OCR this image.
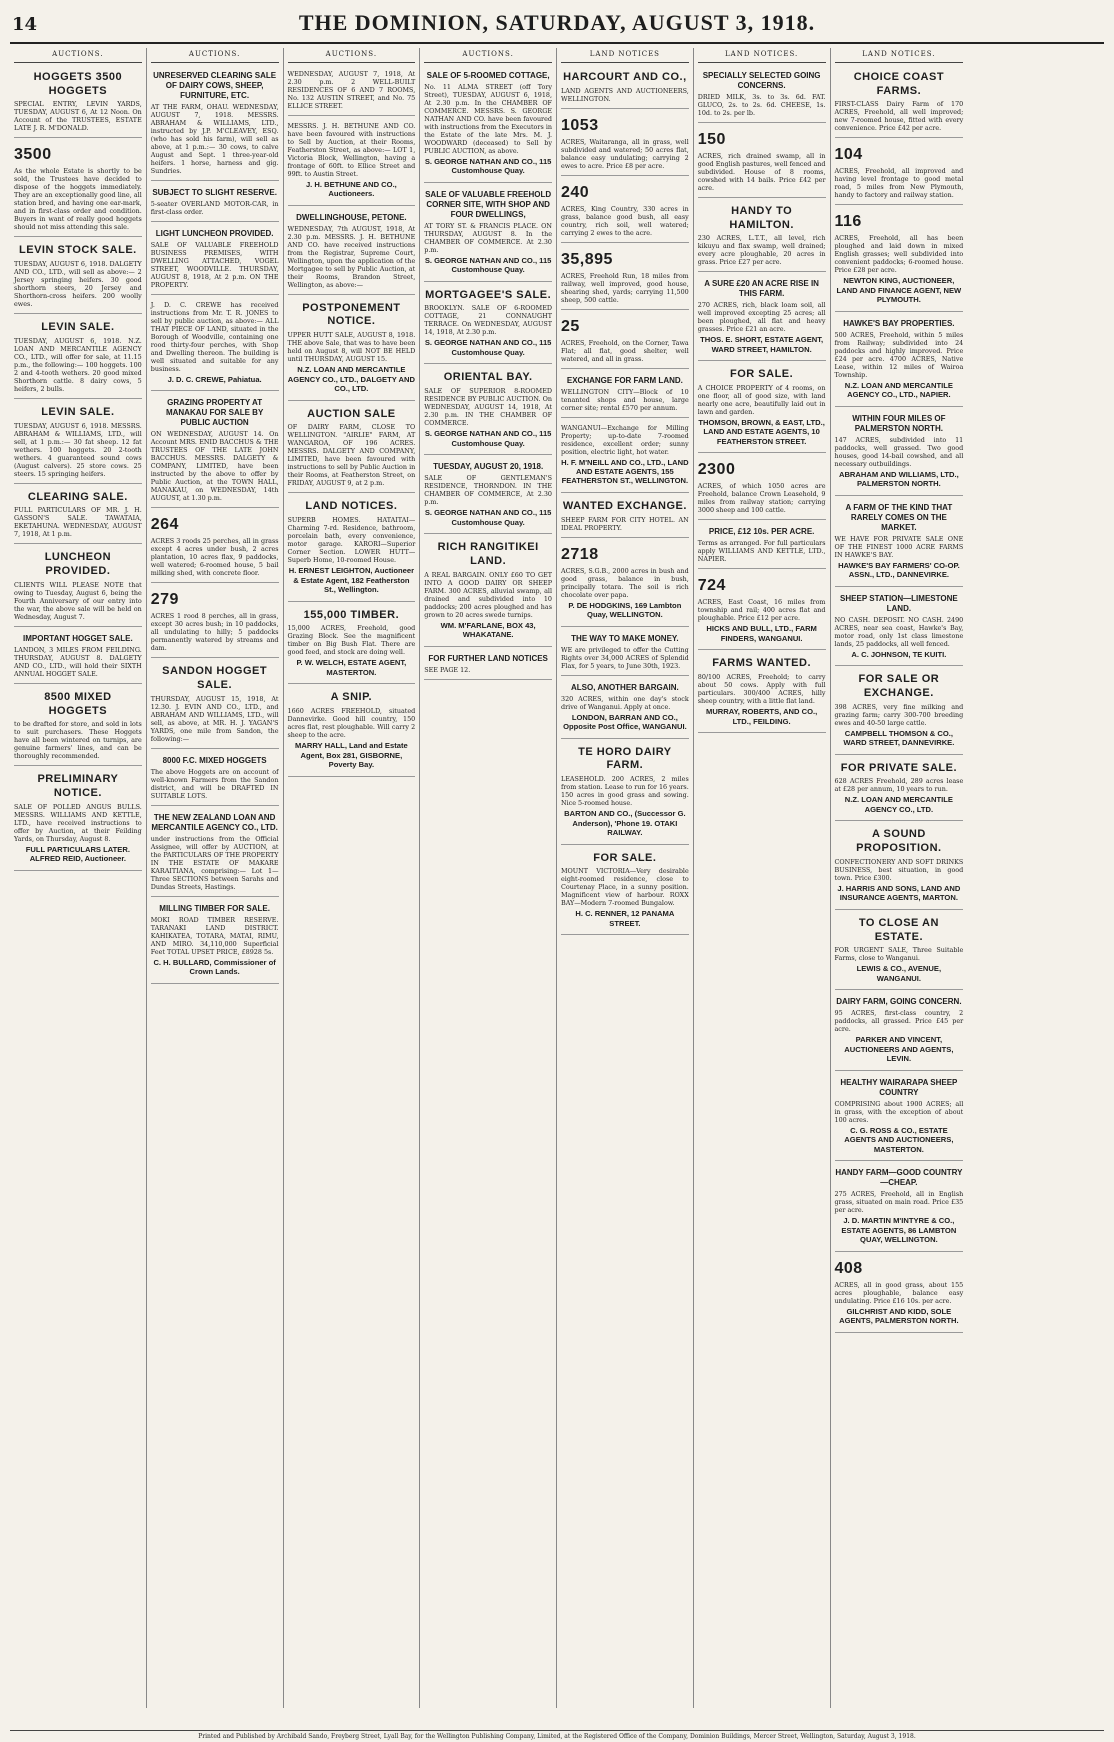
14	THE DOMINION, SATURDAY, AUGUST 3, 1918.
AUCTIONS.
HOGGETS 3500 HOGGETS
SPECIAL ENTRY, LEVIN YARDS, TUESDAY, AUGUST 6, At 12 Noon. On Account of the TRUSTEES, ESTATE LATE J. R. M'DONALD.
3500
As the whole Estate is shortly to be sold, the Trustees have decided to dispose of the hoggets immediately. They are an exceptionally good line, all station bred, and having one ear-mark, and in first-class order and condition. Buyers in want of really good hoggets should not miss attending this sale.
LEVIN STOCK SALE.
TUESDAY, AUGUST 6, 1918. DALGETY AND CO., LTD., will sell as above:— 2 Jersey springing heifers. 30 good shorthorn steers, 20 Jersey and Shorthorn-cross heifers. 200 woolly ewes.
LEVIN SALE.
TUESDAY, AUGUST 6, 1918. N.Z. LOAN AND MERCANTILE AGENCY CO., LTD., will offer for sale, at 11.15 p.m., the following:— 100 hoggets. 100 2 and 4-tooth wethers. 20 good mixed Shorthorn cattle. 8 dairy cows, 5 heifers, 2 bulls.
LEVIN SALE.
TUESDAY, AUGUST 6, 1918. MESSRS. ABRAHAM & WILLIAMS, LTD., will sell, at 1 p.m.:— 30 fat sheep. 12 fat wethers. 100 hoggets. 20 2-tooth wethers. 4 guaranteed sound cows (August calvers). 25 store cows. 25 steers. 15 springing heifers.
CLEARING SALE.
FULL PARTICULARS OF MR. J. H. GASSON'S SALE. TAWATAIA, EKETAHUNA. WEDNESDAY, AUGUST 7, 1918, At 1 p.m.
LUNCHEON PROVIDED.
CLIENTS WILL PLEASE NOTE that owing to Tuesday, August 6, being the Fourth Anniversary of our entry into the war, the above sale will be held on Wednesday, August 7.
IMPORTANT HOGGET SALE.
LANDON, 3 MILES FROM FEILDING. THURSDAY, AUGUST 8. DALGETY AND CO., LTD., will hold their SIXTH ANNUAL HOGGET SALE.
8500 MIXED HOGGETS
to be drafted for store, and sold in lots to suit purchasers. These Hoggets have all been wintered on turnips, are genuine farmers' lines, and can be thoroughly recommended.
PRELIMINARY NOTICE.
SALE OF POLLED ANGUS BULLS. MESSRS. WILLIAMS AND KETTLE, LTD., have received instructions to offer by Auction, at their Feilding Yards, on Thursday, August 8.
FULL PARTICULARS LATER. ALFRED REID, Auctioneer.
AUCTIONS.
UNRESERVED CLEARING SALE OF DAIRY COWS, SHEEP, FURNITURE, ETC.
AT THE FARM, OHAU. WEDNESDAY, AUGUST 7, 1918. MESSRS. ABRAHAM & WILLIAMS, LTD., instructed by J.P. M'CLEAVEY, ESQ. (who has sold his farm), will sell as above, at 1 p.m.:— 30 cows, to calve August and Sept. 1 three-year-old heifers. 1 horse, harness and gig. Sundries.
SUBJECT TO SLIGHT RESERVE.
5-seater OVERLAND MOTOR-CAR, in first-class order.
LIGHT LUNCHEON PROVIDED.
SALE OF VALUABLE FREEHOLD BUSINESS PREMISES, WITH DWELLING ATTACHED, VOGEL STREET, WOODVILLE. THURSDAY, AUGUST 8, 1918, At 2 p.m. ON THE PROPERTY.
J. D. C. CREWE has received instructions from Mr. T. R. JONES to sell by public auction, as above:— ALL THAT PIECE OF LAND, situated in the Borough of Woodville, containing one rood thirty-four perches, with Shop and Dwelling thereon. The building is well situated and suitable for any business.
J. D. C. CREWE, Pahiatua.
GRAZING PROPERTY AT MANAKAU FOR SALE BY PUBLIC AUCTION
ON WEDNESDAY, AUGUST 14. On Account MRS. ENID BACCHUS & THE TRUSTEES OF THE LATE JOHN BACCHUS. MESSRS. DALGETY & COMPANY, LIMITED, have been instructed by the above to offer by Public Auction, at the TOWN HALL, MANAKAU, on WEDNESDAY, 14th AUGUST, at 1.30 p.m.
264
ACRES 3 roods 25 perches, all in grass except 4 acres under bush, 2 acres plantation, 10 acres flax, 9 paddocks, well watered; 6-roomed house, 5 bail milking shed, with concrete floor.
279
ACRES 1 rood 8 perches, all in grass, except 30 acres bush; in 10 paddocks, all undulating to hilly; 5 paddocks permanently watered by streams and dam.
SANDON HOGGET SALE.
THURSDAY, AUGUST 15, 1918, At 12.30. J. EVIN AND CO., LTD., and ABRAHAM AND WILLIAMS, LTD., will sell, as above, at MR. H. J. YAGAN'S YARDS, one mile from Sandon, the following:—
8000 F.C. MIXED HOGGETS
The above Hoggets are on account of well-known Farmers from the Sandon district, and will be DRAFTED IN SUITABLE LOTS.
THE NEW ZEALAND LOAN AND MERCANTILE AGENCY CO., LTD.
under instructions from the Official Assignee, will offer by AUCTION, at the PARTICULARS OF THE PROPERTY IN THE ESTATE OF MAKARE KARAITIANA, comprising:— Lot 1—Three SECTIONS between Sarahs and Dundas Streets, Hastings.
MILLING TIMBER FOR SALE.
MOKI ROAD TIMBER RESERVE. TARANAKI LAND DISTRICT. KAHIKATEA, TOTARA, MATAI, RIMU, AND MIRO. 34,110,000 Superficial Feet TOTAL UPSET PRICE, £8928 5s.
C. H. BULLARD, Commissioner of Crown Lands.
AUCTIONS.
WEDNESDAY, AUGUST 7, 1918, At 2.30 p.m. 2 WELL-BUILT RESIDENCES OF 6 AND 7 ROOMS, No. 132 AUSTIN STREET, and No. 75 ELLICE STREET.
MESSRS. J. H. BETHUNE AND CO. have been favoured with instructions to Sell by Auction, at their Rooms, Featherston Street, as above:— LOT 1, Victoria Block, Wellington, having a frontage of 60ft. to Ellice Street and 99ft. to Austin Street.
J. H. BETHUNE AND CO., Auctioneers.
DWELLINGHOUSE, PETONE.
WEDNESDAY, 7th AUGUST, 1918, At 2.30 p.m. MESSRS. J. H. BETHUNE AND CO. have received instructions from the Registrar, Supreme Court, Wellington, upon the application of the Mortgagee to sell by Public Auction, at their Rooms, Brandon Street, Wellington, as above:—
POSTPONEMENT NOTICE.
UPPER HUTT SALE, AUGUST 8, 1918. THE above Sale, that was to have been held on August 8, will NOT BE HELD until THURSDAY, AUGUST 15.
N.Z. LOAN AND MERCANTILE AGENCY CO., LTD., DALGETY AND CO., LTD.
AUCTION SALE
OF DAIRY FARM, CLOSE TO WELLINGTON. "AIRLIE" FARM, AT WANGAROA, OF 196 ACRES. MESSRS. DALGETY AND COMPANY, LIMITED, have been favoured with instructions to sell by Public Auction in their Rooms, at Featherston Street, on FRIDAY, AUGUST 9, at 2 p.m.
LAND NOTICES.
SUPERB HOMES. HATAITAI—Charming 7-rd. Residence, bathroom, porcelain bath, every convenience, motor garage. KARORI—Superior Corner Section. LOWER HUTT—Superb Home, 10-roomed House.
H. ERNEST LEIGHTON, Auctioneer & Estate Agent, 182 Featherston St., Wellington.
155,000 TIMBER.
15,000 ACRES, Freehold, good Grazing Block. See the magnificent timber on Big Bush Flat. There are good feed, and stock are doing well.
P. W. WELCH, ESTATE AGENT, MASTERTON.
A SNIP.
1660 ACRES FREEHOLD, situated Dannevirke. Good hill country, 150 acres flat, rest ploughable. Will carry 2 sheep to the acre.
MARRY HALL, Land and Estate Agent, Box 281, GISBORNE, Poverty Bay.
AUCTIONS.
SALE OF 5-ROOMED COTTAGE,
No. 11 ALMA STREET (off Tory Street), TUESDAY, AUGUST 6, 1918, At 2.30 p.m. In the CHAMBER OF COMMERCE. MESSRS. S. GEORGE NATHAN AND CO. have been favoured with instructions from the Executors in the Estate of the late Mrs. M. J. WOODWARD (deceased) to Sell by PUBLIC AUCTION, as above.
S. GEORGE NATHAN AND CO., 115 Customhouse Quay.
SALE OF VALUABLE FREEHOLD CORNER SITE, WITH SHOP AND FOUR DWELLINGS,
AT TORY ST. & FRANCIS PLACE. ON THURSDAY, AUGUST 8. In the CHAMBER OF COMMERCE. At 2.30 p.m.
S. GEORGE NATHAN AND CO., 115 Customhouse Quay.
MORTGAGEE'S SALE.
BROOKLYN. SALE OF 6-ROOMED COTTAGE, 21 CONNAUGHT TERRACE. On WEDNESDAY, AUGUST 14, 1918, At 2.30 p.m.
S. GEORGE NATHAN AND CO., 115 Customhouse Quay.
ORIENTAL BAY.
SALE OF SUPERIOR 8-ROOMED RESIDENCE BY PUBLIC AUCTION. On WEDNESDAY, AUGUST 14, 1918, At 2.30 p.m. IN THE CHAMBER OF COMMERCE.
S. GEORGE NATHAN AND CO., 115 Customhouse Quay.
TUESDAY, AUGUST 20, 1918.
SALE OF GENTLEMAN'S RESIDENCE, THORNDON. IN THE CHAMBER OF COMMERCE, At 2.30 p.m.
S. GEORGE NATHAN AND CO., 115 Customhouse Quay.
RICH RANGITIKEI LAND.
A REAL BARGAIN. ONLY £60 TO GET INTO A GOOD DAIRY OR SHEEP FARM. 300 ACRES, alluvial swamp, all drained and subdivided into 10 paddocks; 200 acres ploughed and has grown to 20 acres swede turnips.
WM. M'FARLANE, BOX 43, WHAKATANE.
FOR FURTHER LAND NOTICES
SEE PAGE 12.
LAND NOTICES
HARCOURT AND CO.,
LAND AGENTS AND AUCTIONEERS, WELLINGTON.
1053
ACRES, Waitaranga, all in grass, well subdivided and watered; 50 acres flat, balance easy undulating; carrying 2 ewes to acre. Price £8 per acre.
240
ACRES, King Country, 330 acres in grass, balance good bush, all easy country, rich soil, well watered; carrying 2 ewes to the acre.
35,895
ACRES, Freehold Run, 18 miles from railway, well improved, good house, shearing shed, yards; carrying 11,500 sheep, 500 cattle.
25
ACRES, Freehold, on the Corner, Tawa Flat; all flat, good shelter, well watered, and all in grass.
EXCHANGE FOR FARM LAND.
WELLINGTON CITY—Block of 10 tenanted shops and house, large corner site; rental £570 per annum.
WANGANUI—Exchange for Milling Property; up-to-date 7-roomed residence, excellent order; sunny position, electric light, hot water.
H. F. M'NEILL AND CO., LTD., LAND AND ESTATE AGENTS, 155 FEATHERSTON ST., WELLINGTON.
WANTED EXCHANGE.
SHEEP FARM FOR CITY HOTEL. AN IDEAL PROPERTY.
2718
ACRES, S.G.B., 2000 acres in bush and good grass, balance in bush, principally totara. The soil is rich chocolate over papa.
P. DE HODGKINS, 169 Lambton Quay, WELLINGTON.
THE WAY TO MAKE MONEY.
WE are privileged to offer the Cutting Rights over 34,000 ACRES of Splendid Flax, for 5 years, to June 30th, 1923.
ALSO, ANOTHER BARGAIN.
320 ACRES, within one day's stock drive of Wanganui. Apply at once.
LONDON, BARRAN AND CO., Opposite Post Office, WANGANUI.
TE HORO DAIRY FARM.
LEASEHOLD. 200 ACRES, 2 miles from station. Lease to run for 16 years. 150 acres in good grass and sowing. Nice 5-roomed house.
BARTON AND CO., (Successor G. Anderson), 'Phone 19. OTAKI RAILWAY.
FOR SALE.
MOUNT VICTORIA—Very desirable eight-roomed residence, close to Courtenay Place, in a sunny position. Magnificent view of harbour. ROXX BAY—Modern 7-roomed Bungalow.
H. C. RENNER, 12 PANAMA STREET.
LAND NOTICES.
SPECIALLY SELECTED GOING CONCERNS.
DRIED MILK, 3s. to 3s. 6d. FAT. GLUCO, 2s. to 2s. 6d. CHEESE, 1s. 10d. to 2s. per lb.
150
ACRES, rich drained swamp, all in good English pastures, well fenced and subdivided. House of 8 rooms, cowshed with 14 bails. Price £42 per acre.
HANDY TO HAMILTON.
230 ACRES, L.T.T., all level, rich kikuyu and flax swamp, well drained; every acre ploughable, 20 acres in grass. Price £27 per acre.
A SURE £20 AN ACRE RISE IN THIS FARM.
270 ACRES, rich, black loam soil, all well improved excepting 25 acres; all been ploughed, all flat and heavy grasses. Price £21 an acre.
THOS. E. SHORT, ESTATE AGENT, WARD STREET, HAMILTON.
FOR SALE.
A CHOICE PROPERTY of 4 rooms, on one floor, all of good size, with land nearly one acre, beautifully laid out in lawn and garden.
THOMSON, BROWN, & EAST, LTD., LAND AND ESTATE AGENTS, 10 FEATHERSTON STREET.
2300
ACRES, of which 1050 acres are Freehold, balance Crown Leasehold, 9 miles from railway station; carrying 3000 sheep and 100 cattle.
PRICE, £12 10s. PER ACRE.
Terms as arranged. For full particulars apply WILLIAMS AND KETTLE, LTD., NAPIER.
724
ACRES, East Coast, 16 miles from township and rail; 400 acres flat and ploughable. Price £12 per acre.
HICKS AND BULL, LTD., FARM FINDERS, WANGANUI.
FARMS WANTED.
80/100 ACRES, Freehold; to carry about 50 cows. Apply with full particulars. 300/400 ACRES, hilly sheep country, with a little flat land.
MURRAY, ROBERTS, AND CO., LTD., FEILDING.
LAND NOTICES.
CHOICE COAST FARMS.
FIRST-CLASS Dairy Farm of 170 ACRES, Freehold, all well improved; new 7-roomed house, fitted with every convenience. Price £42 per acre.
104
ACRES, Freehold, all improved and having level frontage to good metal road, 5 miles from New Plymouth, handy to factory and railway station.
116
ACRES, Freehold, all has been ploughed and laid down in mixed English grasses; well subdivided into convenient paddocks; 6-roomed house. Price £28 per acre.
NEWTON KING, AUCTIONEER, LAND AND FINANCE AGENT, NEW PLYMOUTH.
HAWKE'S BAY PROPERTIES.
500 ACRES, Freehold, within 5 miles from Railway; subdivided into 24 paddocks and highly improved. Price £24 per acre. 4700 ACRES, Native Lease, within 12 miles of Wairoa Township.
N.Z. LOAN AND MERCANTILE AGENCY CO., LTD., NAPIER.
WITHIN FOUR MILES OF PALMERSTON NORTH.
147 ACRES, subdivided into 11 paddocks, well grassed. Two good houses, good 14-bail cowshed, and all necessary outbuildings.
ABRAHAM AND WILLIAMS, LTD., PALMERSTON NORTH.
A FARM OF THE KIND THAT RARELY COMES ON THE MARKET.
WE HAVE FOR PRIVATE SALE ONE OF THE FINEST 1000 ACRE FARMS IN HAWKE'S BAY.
HAWKE'S BAY FARMERS' CO-OP. ASSN., LTD., DANNEVIRKE.
SHEEP STATION—LIMESTONE LAND.
NO CASH. DEPOSIT. NO CASH. 2490 ACRES, near sea coast, Hawke's Bay, motor road, only 1st class limestone lands, 25 paddocks, all well fenced.
A. C. JOHNSON, TE KUITI.
FOR SALE OR EXCHANGE.
398 ACRES, very fine milking and grazing farm; carry 300-700 breeding ewes and 40-50 large cattle.
CAMPBELL THOMSON & CO., WARD STREET, DANNEVIRKE.
FOR PRIVATE SALE.
628 ACRES Freehold, 289 acres lease at £28 per annum, 10 years to run.
N.Z. LOAN AND MERCANTILE AGENCY CO., LTD.
A SOUND PROPOSITION.
CONFECTIONERY AND SOFT DRINKS BUSINESS, best situation, in good town. Price £300.
J. HARRIS AND SONS, LAND AND INSURANCE AGENTS, MARTON.
TO CLOSE AN ESTATE.
FOR URGENT SALE, Three Suitable Farms, close to Wanganui.
LEWIS & CO., AVENUE, WANGANUI.
DAIRY FARM, GOING CONCERN.
95 ACRES, first-class country, 2 paddocks, all grassed. Price £45 per acre.
PARKER AND VINCENT, AUCTIONEERS AND AGENTS, LEVIN.
HEALTHY WAIRARAPA SHEEP COUNTRY
COMPRISING about 1900 ACRES; all in grass, with the exception of about 100 acres.
C. G. ROSS & CO., ESTATE AGENTS AND AUCTIONEERS, MASTERTON.
HANDY FARM—GOOD COUNTRY—CHEAP.
275 ACRES, Freehold, all in English grass, situated on main road. Price £35 per acre.
J. D. MARTIN M'INTYRE & CO., ESTATE AGENTS, 86 LAMBTON QUAY, WELLINGTON.
408
ACRES, all in good grass, about 155 acres ploughable, balance easy undulating. Price £16 10s. per acre.
GILCHRIST AND KIDD, SOLE AGENTS, PALMERSTON NORTH.
Printed and Published by Archibald Sando, Freyberg Street, Lyall Bay, for the Wellington Publishing Company, Limited, at the Registered Office of the Company, Dominion Buildings, Mercer Street, Wellington, Saturday, August 3, 1918.
